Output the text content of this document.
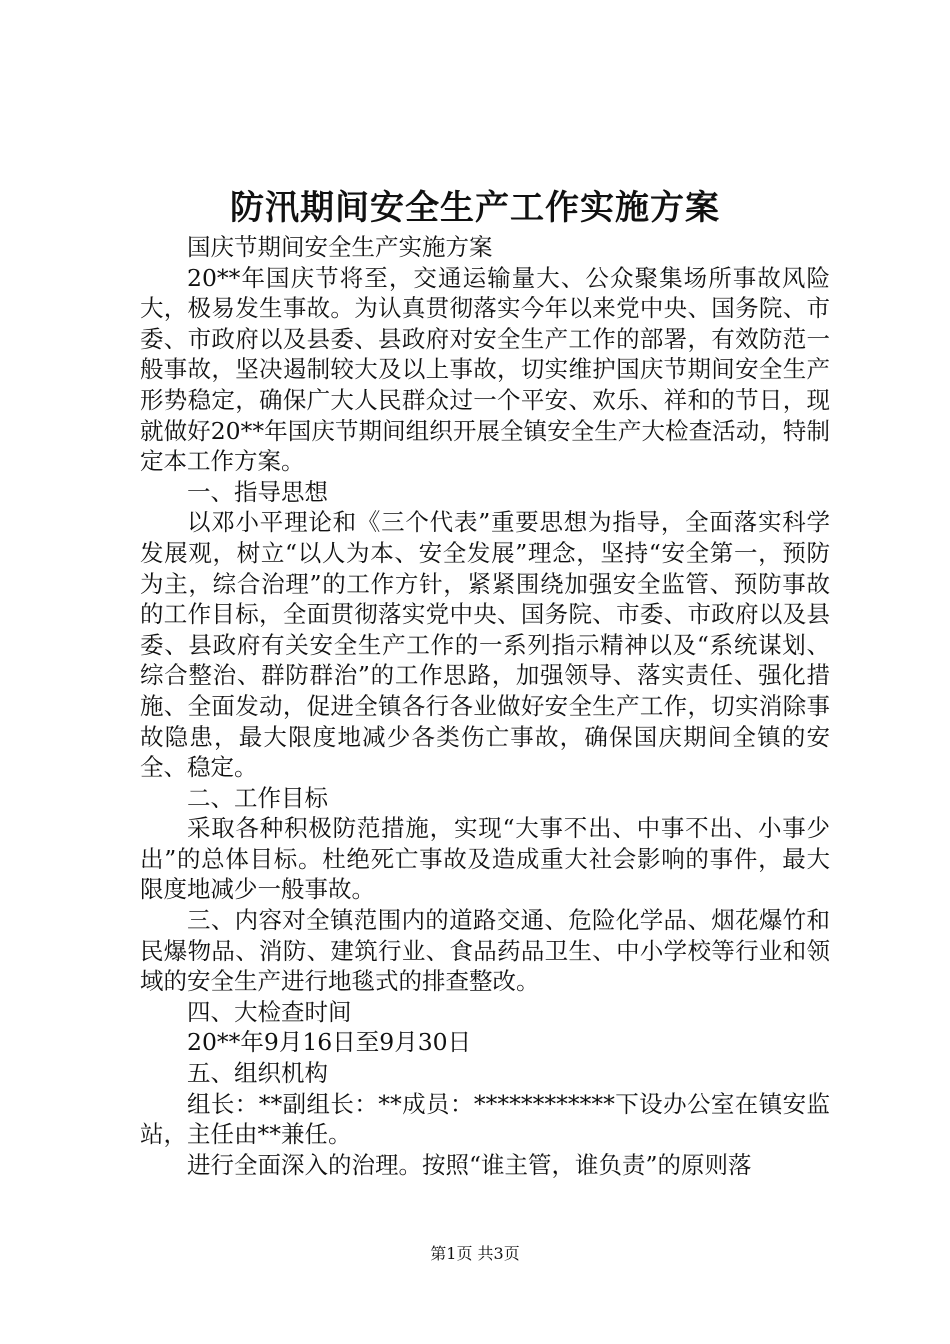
防汛期间安全生产工作实施方案

国庆节期间安全生产实施方案

20**年国庆节将至，交通运输量大、公众聚集场所事故风险大，极易发生事故。为认真贯彻落实今年以来党中央、国务院、市委、市政府以及县委、县政府对安全生产工作的部署，有效防范一般事故，坚决遏制较大及以上事故，切实维护国庆节期间安全生产形势稳定，确保广大人民群众过一个平安、欢乐、祥和的节日，现就做好20**年国庆节期间组织开展全镇安全生产大检查活动，特制定本工作方案。

一、指导思想

以邓小平理论和《三个代表”重要思想为指导，全面落实科学发展观，树立“以人为本、安全发展”理念，坚持“安全第一，预防为主，综合治理”的工作方针，紧紧围绕加强安全监管、预防事故的工作目标，全面贯彻落实党中央、国务院、市委、市政府以及县委、县政府有关安全生产工作的一系列指示精神以及“系统谋划、综合整治、群防群治”的工作思路，加强领导、落实责任、强化措施、全面发动，促进全镇各行各业做好安全生产工作，切实消除事故隐患，最大限度地减少各类伤亡事故，确保国庆期间全镇的安全、稳定。

二、工作目标

采取各种积极防范措施，实现“大事不出、中事不出、小事少出”的总体目标。杜绝死亡事故及造成重大社会影响的事件，最大限度地减少一般事故。

三、内容对全镇范围内的道路交通、危险化学品、烟花爆竹和民爆物品、消防、建筑行业、食品药品卫生、中小学校等行业和领域的安全生产进行地毯式的排查整改。

四、大检查时间

20**年9月16日至9月30日

五、组织机构

组长：**副组长：**成员：************下设办公室在镇安监站，主任由**兼任。

进行全面深入的治理。按照“谁主管，谁负责”的原则落

第1页 共3页
